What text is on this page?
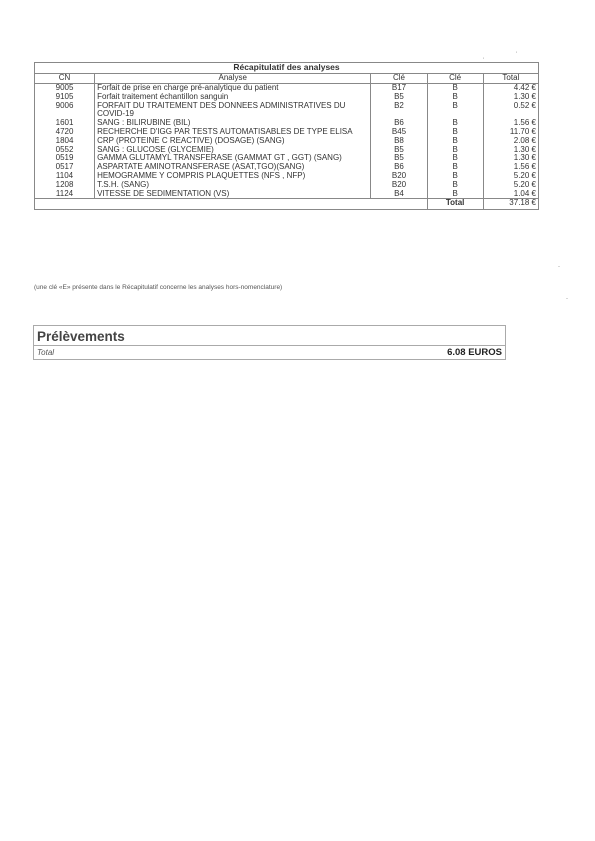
Récapitulatif des analyses				
CN	Analyse	Clé	Clé	Total
9005	Forfait de prise en charge pré-analytique du patient	B17	B	4.42 €
9105	Forfait traitement échantillon sanguin	B5	B	1.30 €
9006	FORFAIT DU TRAITEMENT DES DONNEES ADMINISTRATIVES DU COVID-19	B2	B	0.52 €
1601	SANG : BILIRUBINE (BIL)	B6	B	1.56 €
4720	RECHERCHE D'IGG PAR TESTS AUTOMATISABLES DE TYPE ELISA	B45	B	11.70 €
1804	CRP (PROTEINE C REACTIVE) (DOSAGE) (SANG)	B8	B	2.08 €
0552	SANG : GLUCOSE (GLYCEMIE)	B5	B	1.30 €
0519	GAMMA GLUTAMYL TRANSFERASE (GAMMAT GT , GGT) (SANG)	B5	B	1.30 €
0517	ASPARTATE AMINOTRANSFERASE (ASAT,TGO)(SANG)	B6	B	1.56 €
1104	HEMOGRAMME Y COMPRIS PLAQUETTES (NFS , NFP)	B20	B	5.20 €
1208	T.S.H. (SANG)	B20	B	5.20 €
1124	VITESSE DE SEDIMENTATION (VS)	B4	B	1.04 €
			Total	37.18 €
(une clé «E» présente dans le Récapitulatif concerne les analyses hors-nomenclature)
Prélèvements
Total	6.08 EUROS
'
'
-
-
